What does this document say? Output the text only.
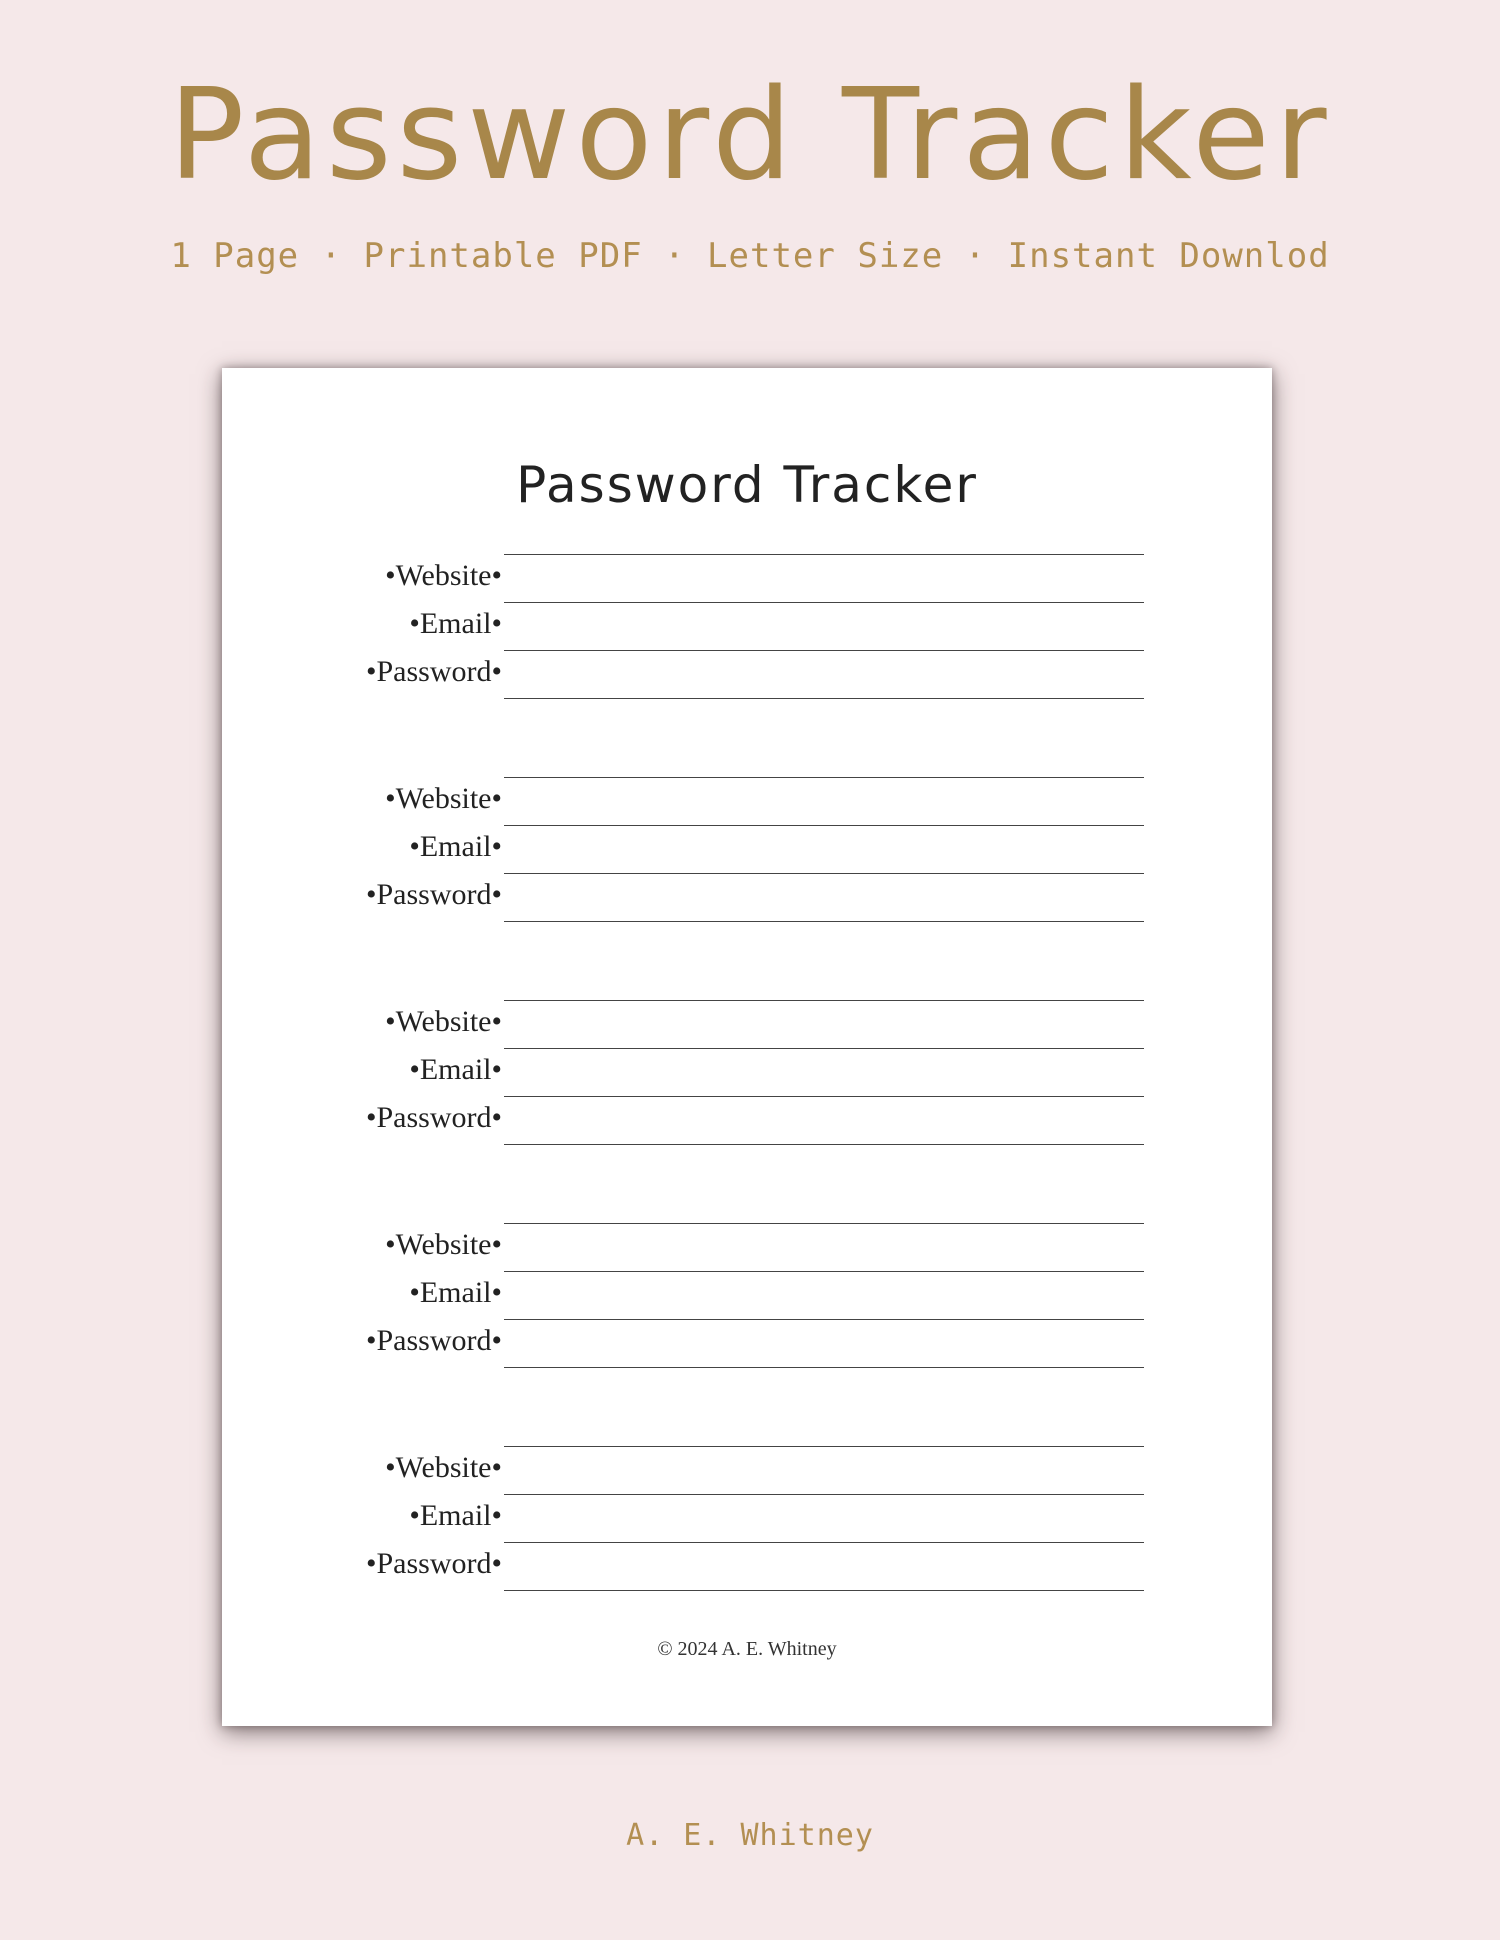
Password Tracker
1 Page · Printable PDF · Letter Size · Instant Downlod
Password Tracker
© 2024 A. E. Whitney
•Website•
•Email•
•Password•
•Website•
•Email•
•Password•
•Website•
•Email•
•Password•
•Website•
•Email•
•Password•
•Website•
•Email•
•Password•
A. E. Whitney
